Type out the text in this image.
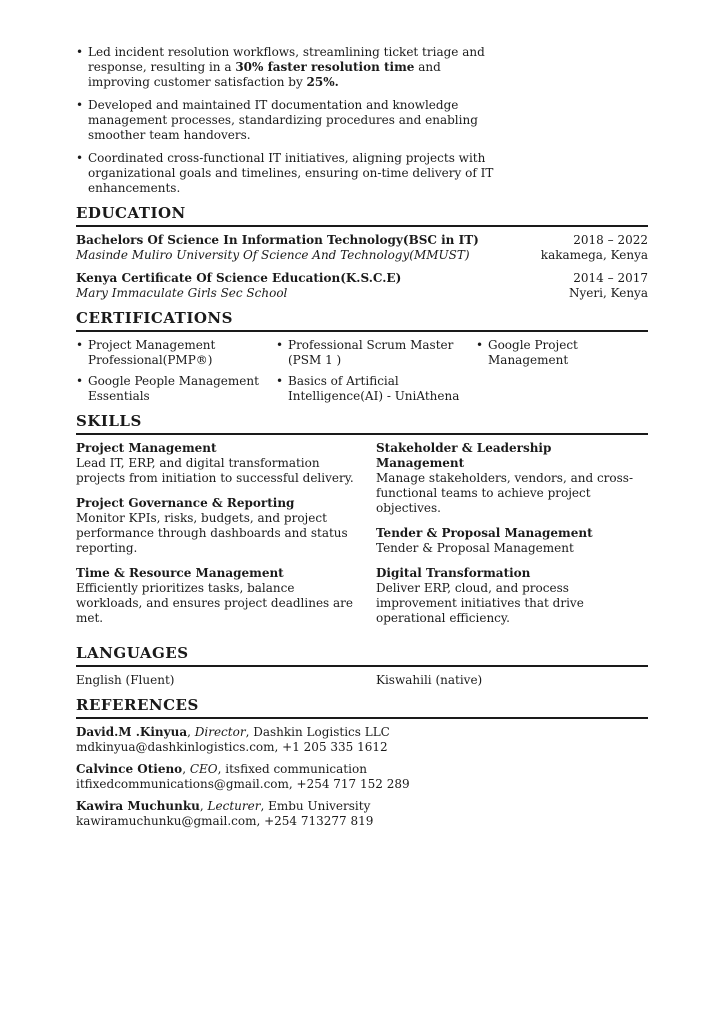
• Led incident resolution workflows, streamlining ticket triage and response, resulting in a 30% faster resolution time and improving customer satisfaction by 25%.
• Developed and maintained IT documentation and knowledge management processes, standardizing procedures and enabling smoother team handovers.
• Coordinated cross-functional IT initiatives, aligning projects with organizational goals and timelines, ensuring on-time delivery of IT enhancements.
EDUCATION
Bachelors Of Science In Information Technology(BSC in IT)	2018 – 2022
Masinde Muliro University Of Science And Technology(MMUST)	kakamega, Kenya
Kenya Certificate Of Science Education(K.S.C.E)	2014 – 2017
Mary Immaculate Girls Sec School	Nyeri, Kenya
CERTIFICATIONS
• Project Management Professional(PMP®)
• Professional Scrum Master (PSM 1 )
• Google Project Management
• Google People Management Essentials
• Basics of Artificial Intelligence(AI) - UniAthena
SKILLS
Project Management
Lead IT, ERP, and digital transformation projects from initiation to successful delivery.
Project Governance & Reporting
Monitor KPIs, risks, budgets, and project performance through dashboards and status reporting.
Time & Resource Management
Efficiently prioritizes tasks, balance workloads, and ensures project deadlines are met.
Stakeholder & Leadership Management
Manage stakeholders, vendors, and cross-functional teams to achieve project objectives.
Tender & Proposal Management
Tender & Proposal Management
Digital Transformation
Deliver ERP, cloud, and process improvement initiatives that drive operational efficiency.
LANGUAGES
English (Fluent)	Kiswahili (native)
REFERENCES
David.M .Kinyua, Director, Dashkin Logistics LLC
mdkinyua@dashkinlogistics.com, +1 205 335 1612
Calvince Otieno, CEO, itsfixed communication
itfixedcommunications@gmail.com, +254 717 152 289
Kawira Muchunku, Lecturer, Embu University
kawiramuchunku@gmail.com, +254 713277 819
